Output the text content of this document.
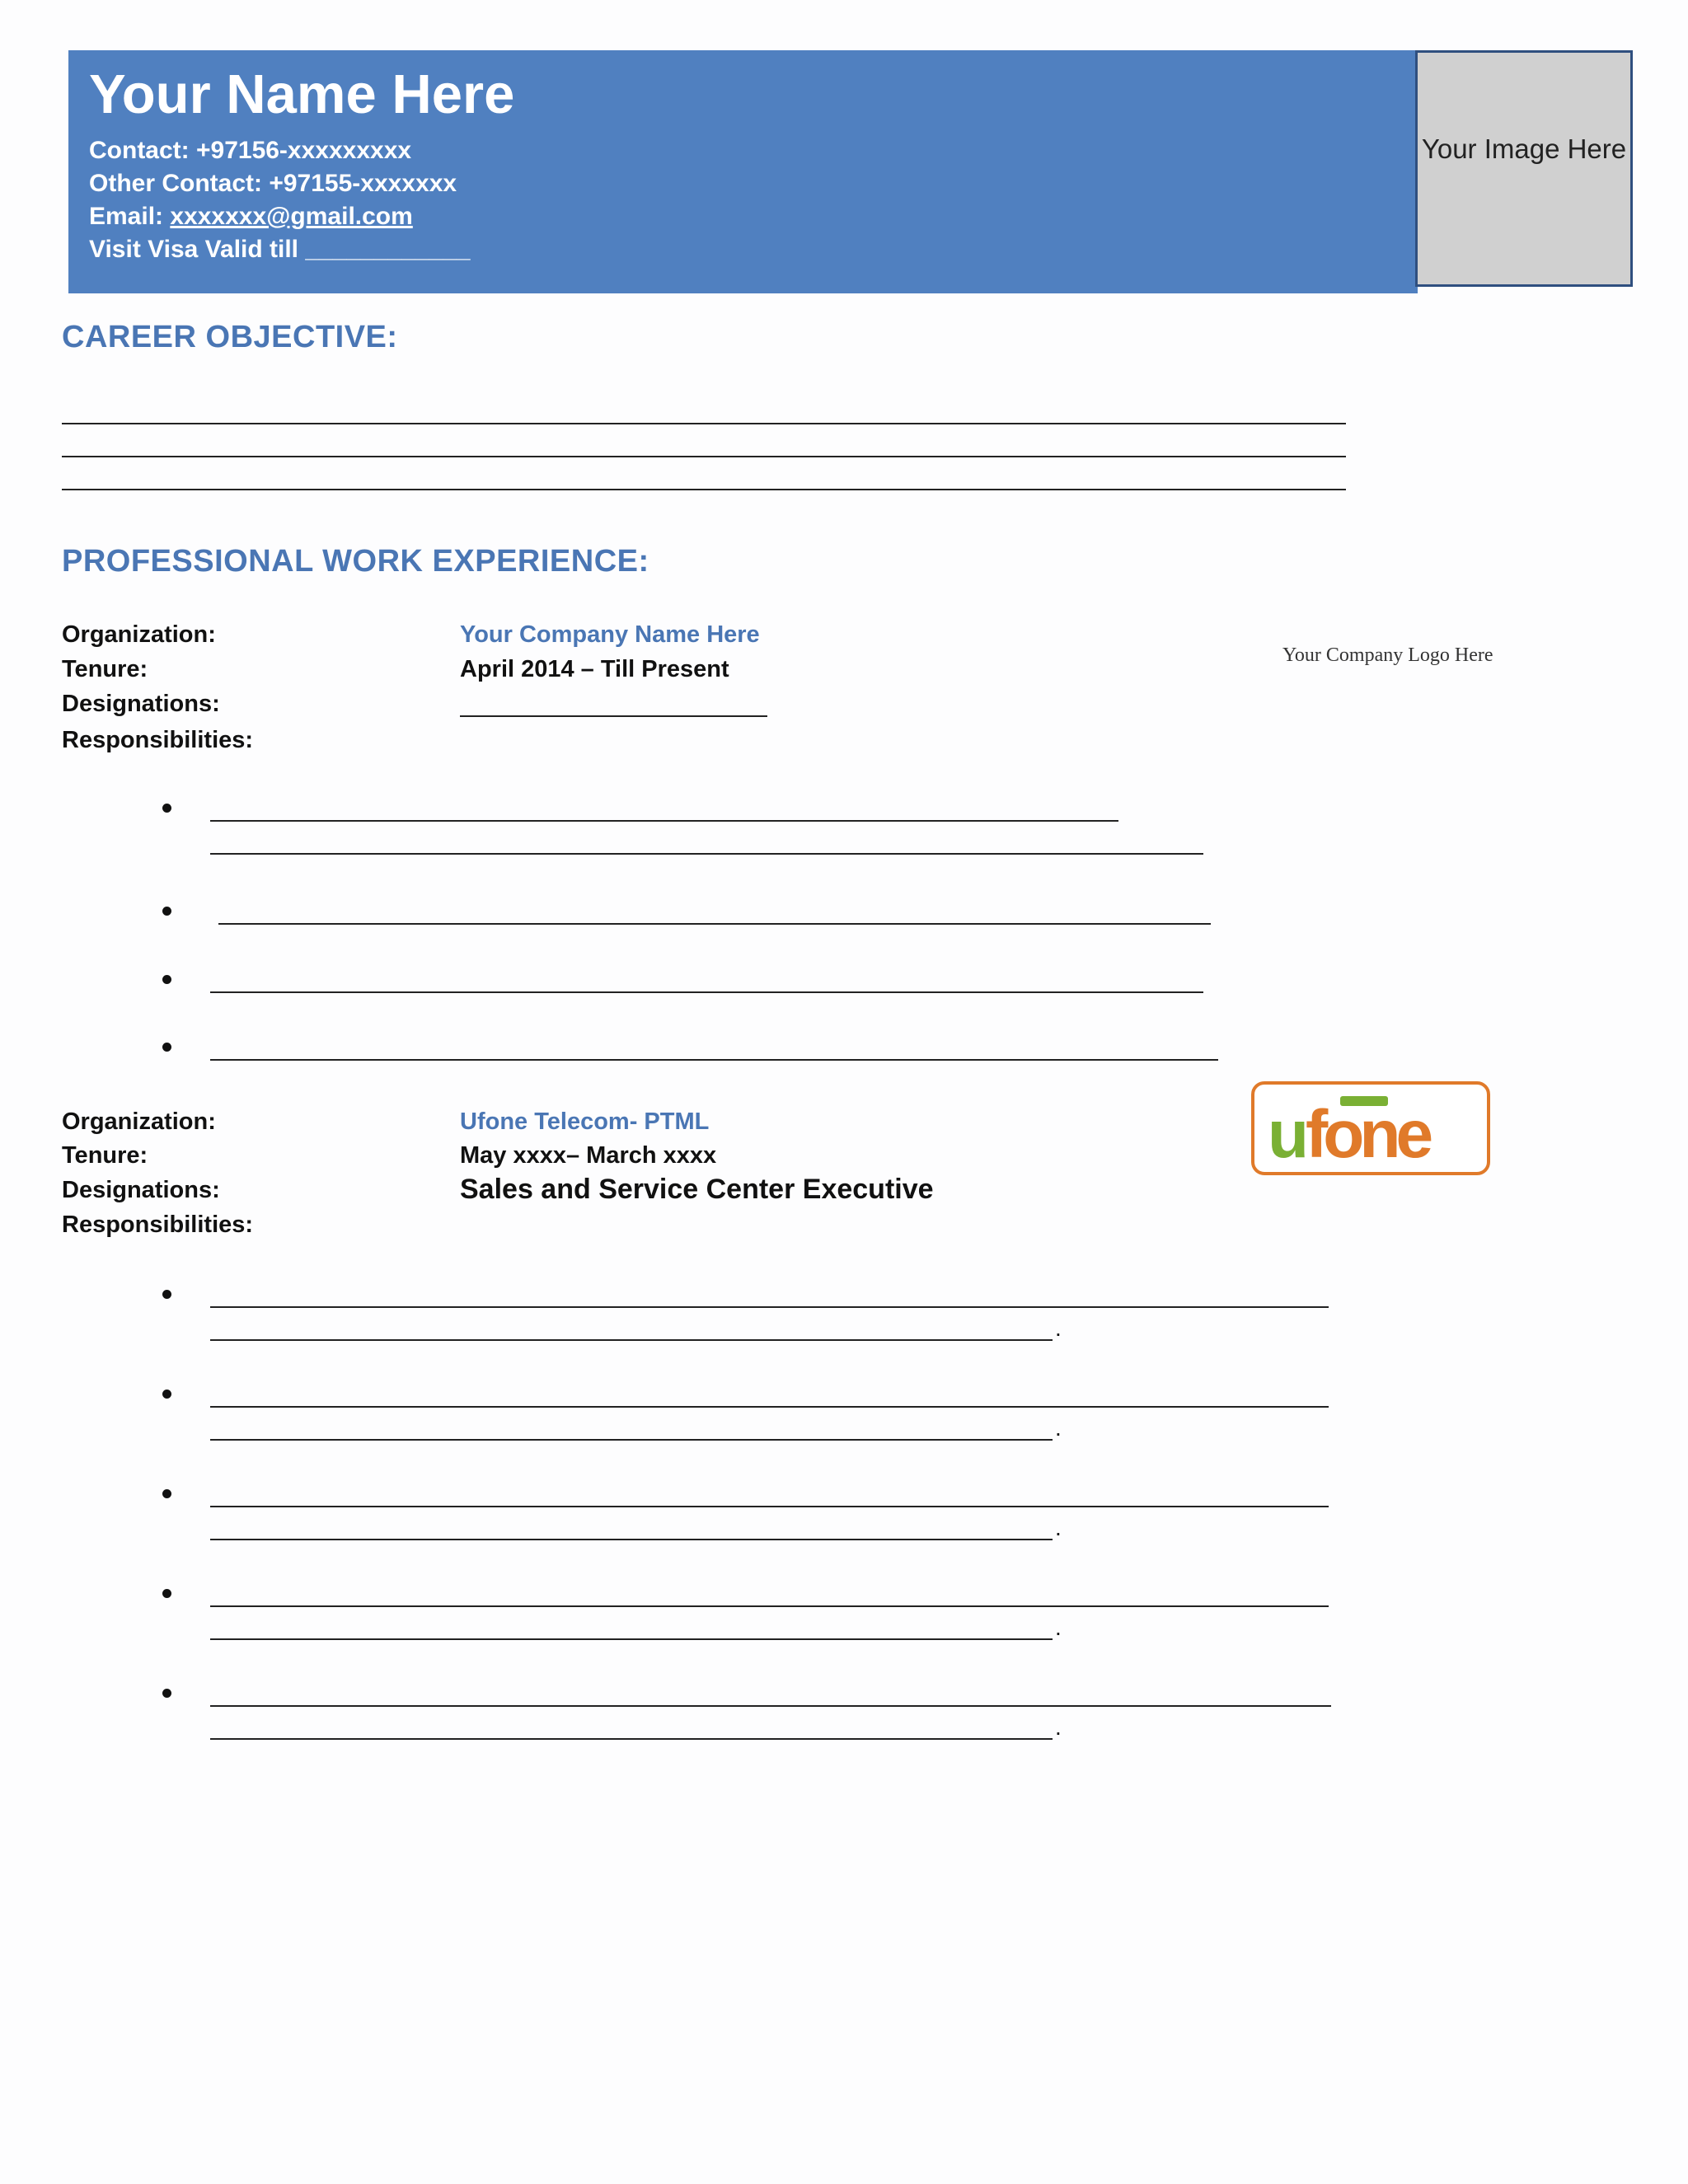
Your Name Here
Contact: +97156-xxxxxxxxx
Other Contact: +97155-xxxxxxx
Email: xxxxxxx@gmail.com
Visit Visa Valid till ____________
Your Image Here
CAREER OBJECTIVE:
PROFESSIONAL WORK EXPERIENCE:
Organization:
Tenure:
Designations:
Responsibilities:
Your Company Name Here
April 2014 – Till Present
Your Company Logo Here
Organization:
Tenure:
Designations:
Responsibilities:
Ufone Telecom- PTML
May xxxx– March xxxx
Sales and Service Center Executive
u fone
.
.
.
.
.
